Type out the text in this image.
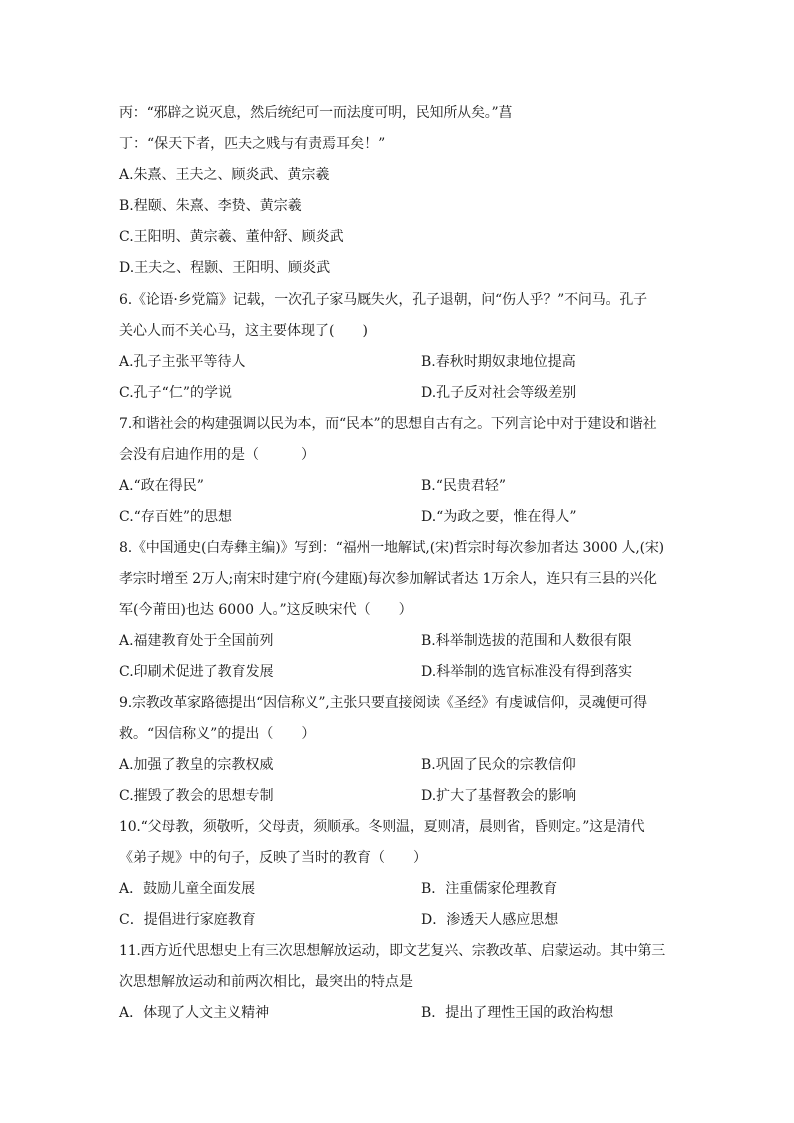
丙：“邪辟之说灭息，然后统纪可一而法度可明，民知所从矣。”菖
丁：“保天下者，匹夫之贱与有责焉耳矣！”
A.朱熹、王夫之、顾炎武、黄宗羲
B.程颐、朱熹、李贽、黄宗羲
C.王阳明、黄宗羲、董仲舒、顾炎武
D.王夫之、程颢、王阳明、顾炎武
6.《论语·乡党篇》记载，一次孔子家马厩失火，孔子退朝，问“伤人乎？”不问马。孔子
关心人而不关心马，这主要体现了(　　)
A.孔子主张平等待人	B.春秋时期奴隶地位提高
C.孔子“仁”的学说	D.孔子反对社会等级差别
7.和谐社会的构建强调以民为本，而“民本”的思想自古有之。下列言论中对于建设和谐社
会没有启迪作用的是（　　　）
A.“政在得民”	B.“民贵君轻”
C.“存百姓”的思想	D.“为政之要，惟在得人”
8.《中国通史(白寿彝主编)》写到：“福州一地解试,(宋)哲宗时每次参加者达 3000 人,(宋)
孝宗时增至 2万人;南宋时建宁府(今建瓯)每次参加解试者达 1万余人，连只有三县的兴化
军(今莆田)也达 6000 人。”这反映宋代（　　）
A.福建教育处于全国前列	B.科举制选拔的范围和人数很有限
C.印刷术促进了教育发展	D.科举制的选官标准没有得到落实
9.宗教改革家路德提出“因信称义”,主张只要直接阅读《圣经》有虔诚信仰，灵魂便可得
救。“因信称义”的提出（　　）
A.加强了教皇的宗教权威	B.巩固了民众的宗教信仰
C.摧毁了教会的思想专制	D.扩大了基督教会的影响
10.“父母教，须敬听，父母责，须顺承。冬则温，夏则凊，晨则省，昏则定。”这是清代
《弟子规》中的句子，反映了当时的教育（　　）
A．鼓励儿童全面发展	B．注重儒家伦理教育
C．提倡进行家庭教育	D．渗透天人感应思想
11.西方近代思想史上有三次思想解放运动，即文艺复兴、宗教改革、启蒙运动。其中第三
次思想解放运动和前两次相比，最突出的特点是
A．体现了人文主义精神	B．提出了理性王国的政治构想
